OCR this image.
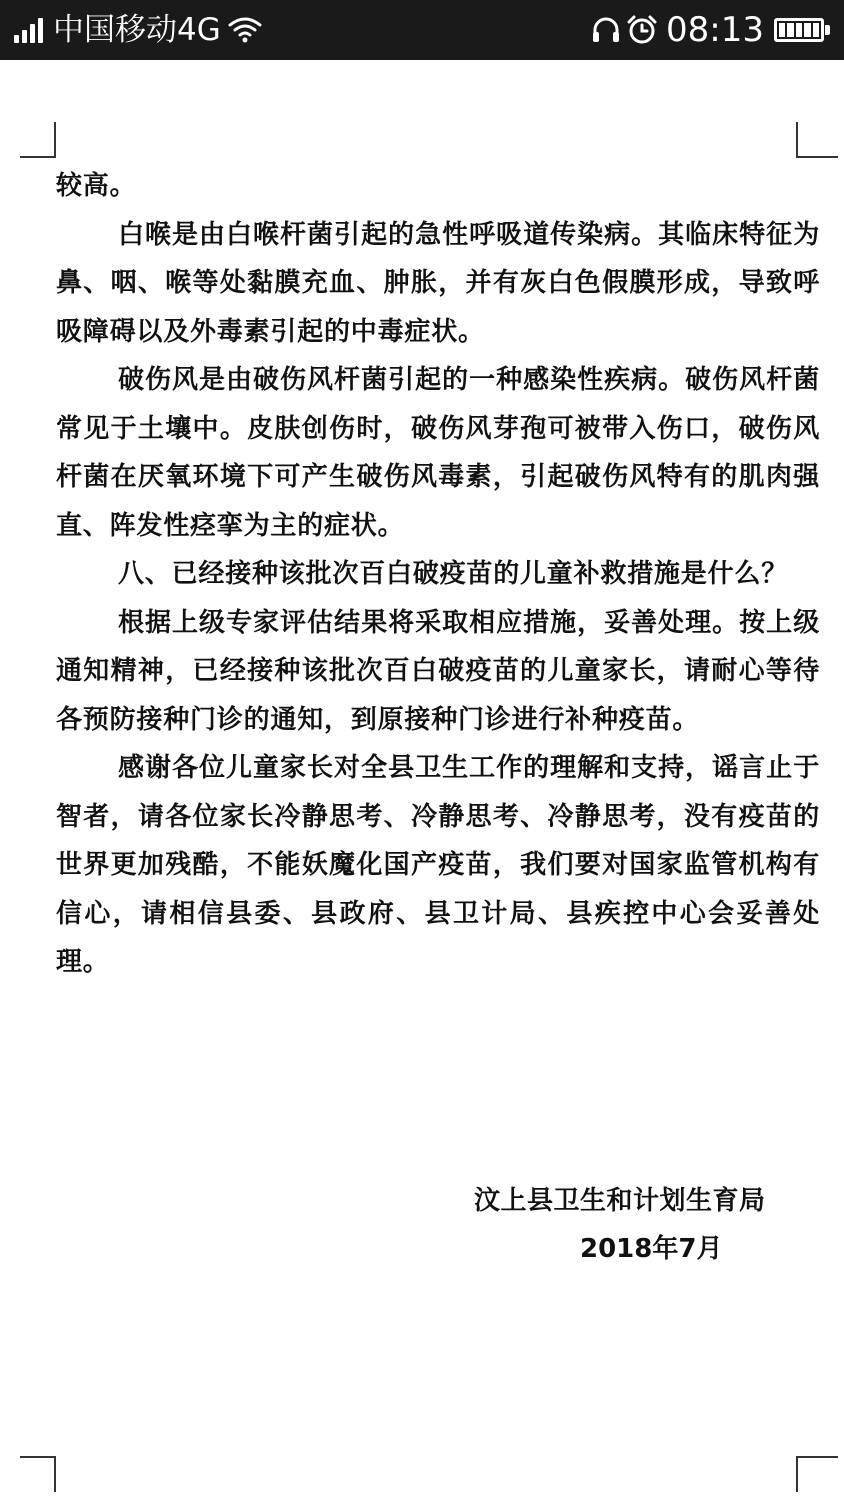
中国移动4G	08:13

较高。

白喉是由白喉杆菌引起的急性呼吸道传染病。其临床特征为鼻、咽、喉等处黏膜充血、肿胀，并有灰白色假膜形成，导致呼吸障碍以及外毒素引起的中毒症状。

破伤风是由破伤风杆菌引起的一种感染性疾病。破伤风杆菌常见于土壤中。皮肤创伤时，破伤风芽孢可被带入伤口，破伤风杆菌在厌氧环境下可产生破伤风毒素，引起破伤风特有的肌肉强直、阵发性痉挛为主的症状。

八、已经接种该批次百白破疫苗的儿童补救措施是什么？

根据上级专家评估结果将采取相应措施，妥善处理。按上级通知精神，已经接种该批次百白破疫苗的儿童家长，请耐心等待各预防接种门诊的通知，到原接种门诊进行补种疫苗。

感谢各位儿童家长对全县卫生工作的理解和支持，谣言止于智者，请各位家长冷静思考、冷静思考、冷静思考，没有疫苗的世界更加残酷，不能妖魔化国产疫苗，我们要对国家监管机构有信心，请相信县委、县政府、县卫计局、县疾控中心会妥善处理。

汶上县卫生和计划生育局
2018年7月
